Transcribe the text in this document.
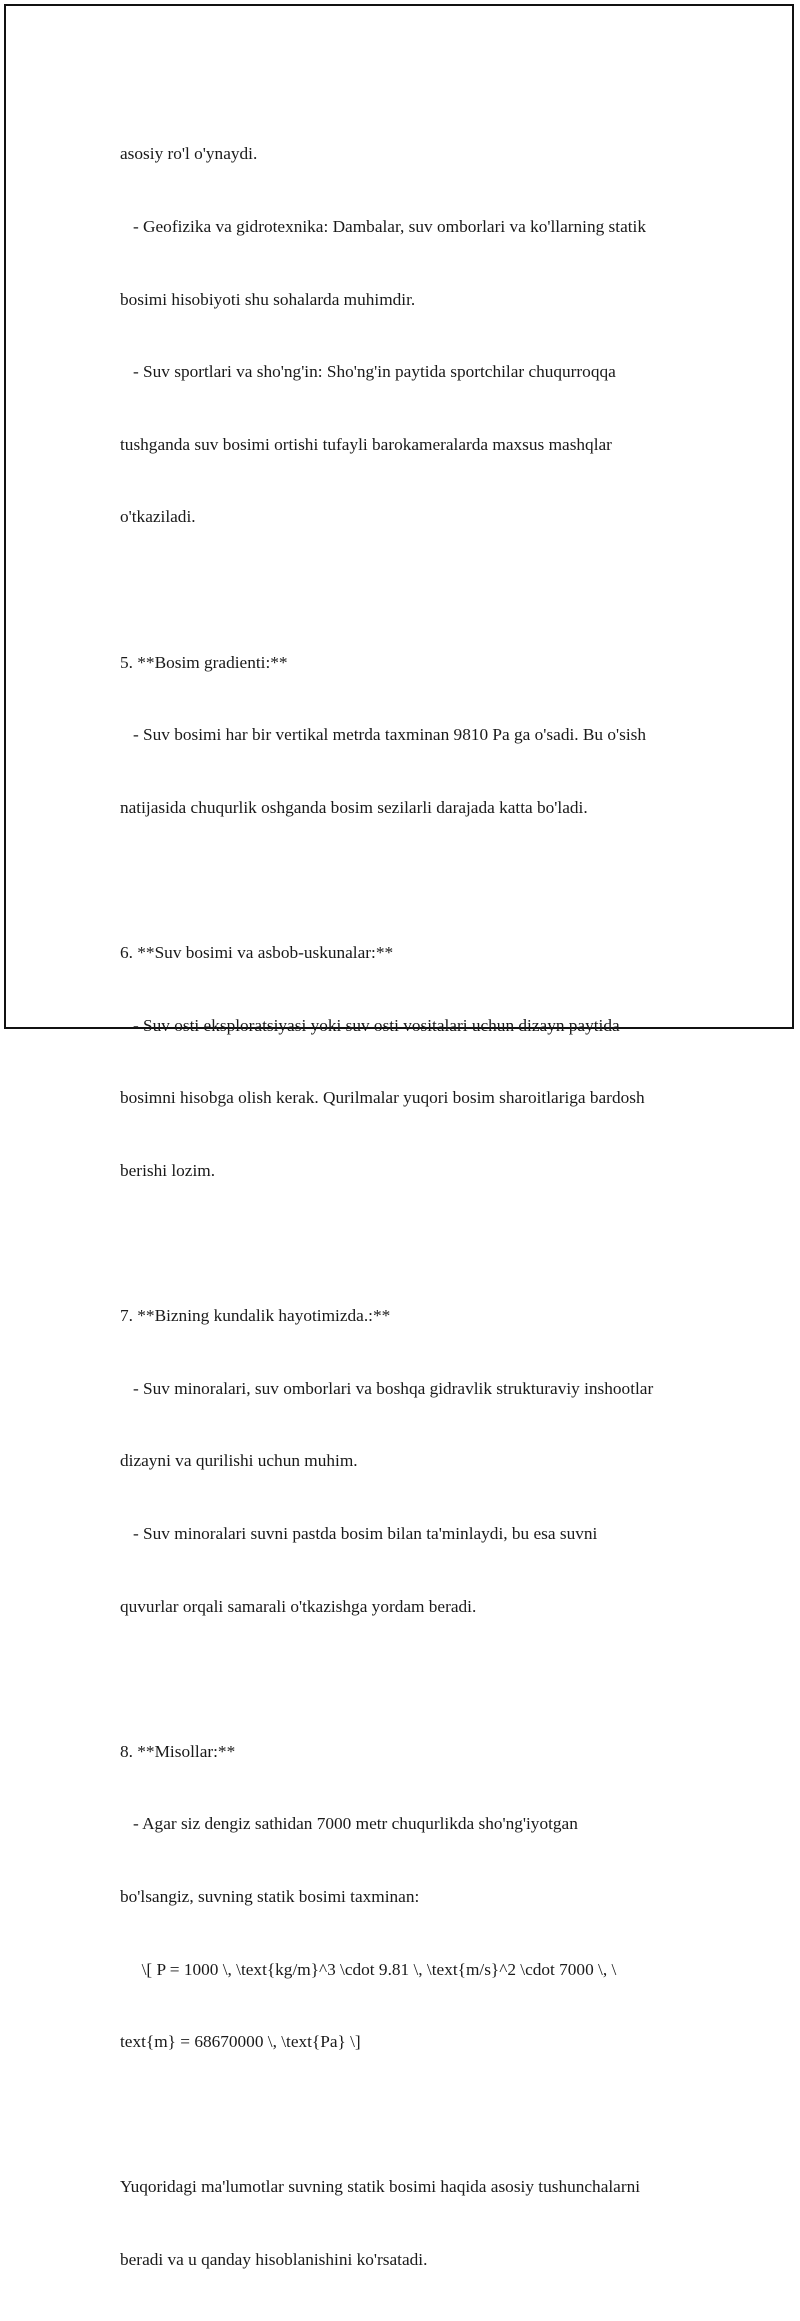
asosiy ro'l o'ynaydi.

- Geofizika va gidrotexnika: Dambalar, suv omborlari va ko'llarning statik

bosimi hisobiyoti shu sohalarda muhimdir.

- Suv sportlari va sho'ng'in: Sho'ng'in paytida sportchilar chuqurroqqa

tushganda suv bosimi ortishi tufayli barokameralarda maxsus mashqlar

o'tkaziladi.

5. **Bosim gradienti:**

- Suv bosimi har bir vertikal metrda taxminan 9810 Pa ga o'sadi. Bu o'sish

natijasida chuqurlik oshganda bosim sezilarli darajada katta bo'ladi.

6. **Suv bosimi va asbob-uskunalar:**

- Suv osti eksploratsiyasi yoki suv osti vositalari uchun dizayn paytida

bosimni hisobga olish kerak. Qurilmalar yuqori bosim sharoitlariga bardosh

berishi lozim.

7. **Bizning kundalik hayotimizda.:**

- Suv minoralari, suv omborlari va boshqa gidravlik strukturaviy inshootlar

dizayni va qurilishi uchun muhim.

- Suv minoralari suvni pastda bosim bilan ta'minlaydi, bu esa suvni

quvurlar orqali samarali o'tkazishga yordam beradi.

8. **Misollar:**

- Agar siz dengiz sathidan 7000 metr chuqurlikda sho'ng'iyotgan

bo'lsangiz, suvning statik bosimi taxminan:

\[ P = 1000 \, \text{kg/m}^3 \cdot 9.81 \, \text{m/s}^2 \cdot 7000 \, \

text{m} = 68670000 \, \text{Pa} \]

Yuqoridagi ma'lumotlar suvning statik bosimi haqida asosiy tushunchalarni

beradi va u qanday hisoblanishini ko'rsatadi.
